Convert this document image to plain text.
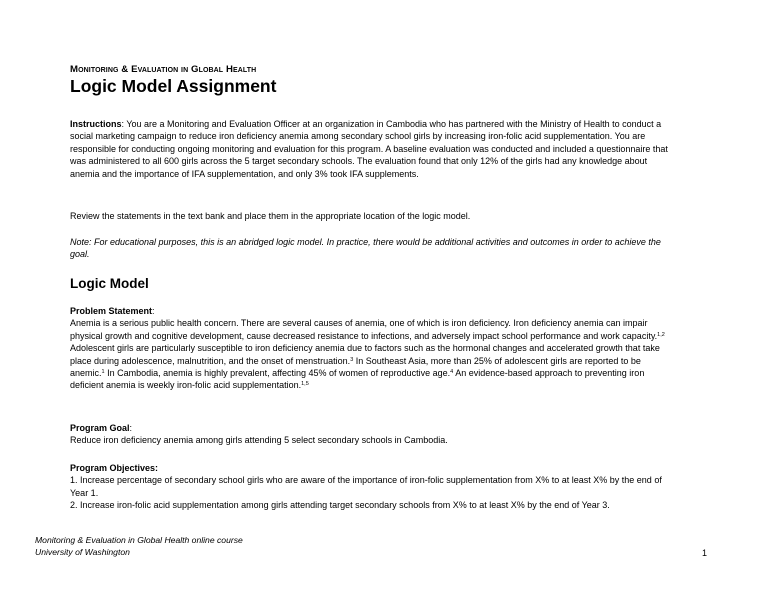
Monitoring & Evaluation in Global Health
Logic Model Assignment
Instructions: You are a Monitoring and Evaluation Officer at an organization in Cambodia who has partnered with the Ministry of Health to conduct a social marketing campaign to reduce iron deficiency anemia among secondary school girls by increasing iron-folic acid supplementation. You are responsible for conducting ongoing monitoring and evaluation for this program. A baseline evaluation was conducted and included a questionnaire that was administered to all 600 girls across the 5 target secondary schools. The evaluation found that only 12% of the girls had any knowledge about anemia and the importance of IFA supplementation, and only 3% took IFA supplements.
Review the statements in the text bank and place them in the appropriate location of the logic model.
Note: For educational purposes, this is an abridged logic model. In practice, there would be additional activities and outcomes in order to achieve the goal.
Logic Model
Problem Statement:
Anemia is a serious public health concern. There are several causes of anemia, one of which is iron deficiency. Iron deficiency anemia can impair physical growth and cognitive development, cause decreased resistance to infections, and adversely impact school performance and work capacity.$^{1,2}$ Adolescent girls are particularly susceptible to iron deficiency anemia due to factors such as the hormonal changes and accelerated growth that take place during adolescence, malnutrition, and the onset of menstruation.$^3$ In Southeast Asia, more than 25% of adolescent girls are reported to be anemic.$^1$ In Cambodia, anemia is highly prevalent, affecting 45% of women of reproductive age.$^4$ An evidence-based approach to preventing iron deficient anemia is weekly iron-folic acid supplementation.$^{1,5}$
Program Goal:
Reduce iron deficiency anemia among girls attending 5 select secondary schools in Cambodia.
Program Objectives:
1. Increase percentage of secondary school girls who are aware of the importance of iron-folic supplementation from X% to at least X% by the end of Year 1.
2. Increase iron-folic acid supplementation among girls attending target secondary schools from X% to at least X% by the end of Year 3.
Monitoring & Evaluation in Global Health online course
University of Washington	1
